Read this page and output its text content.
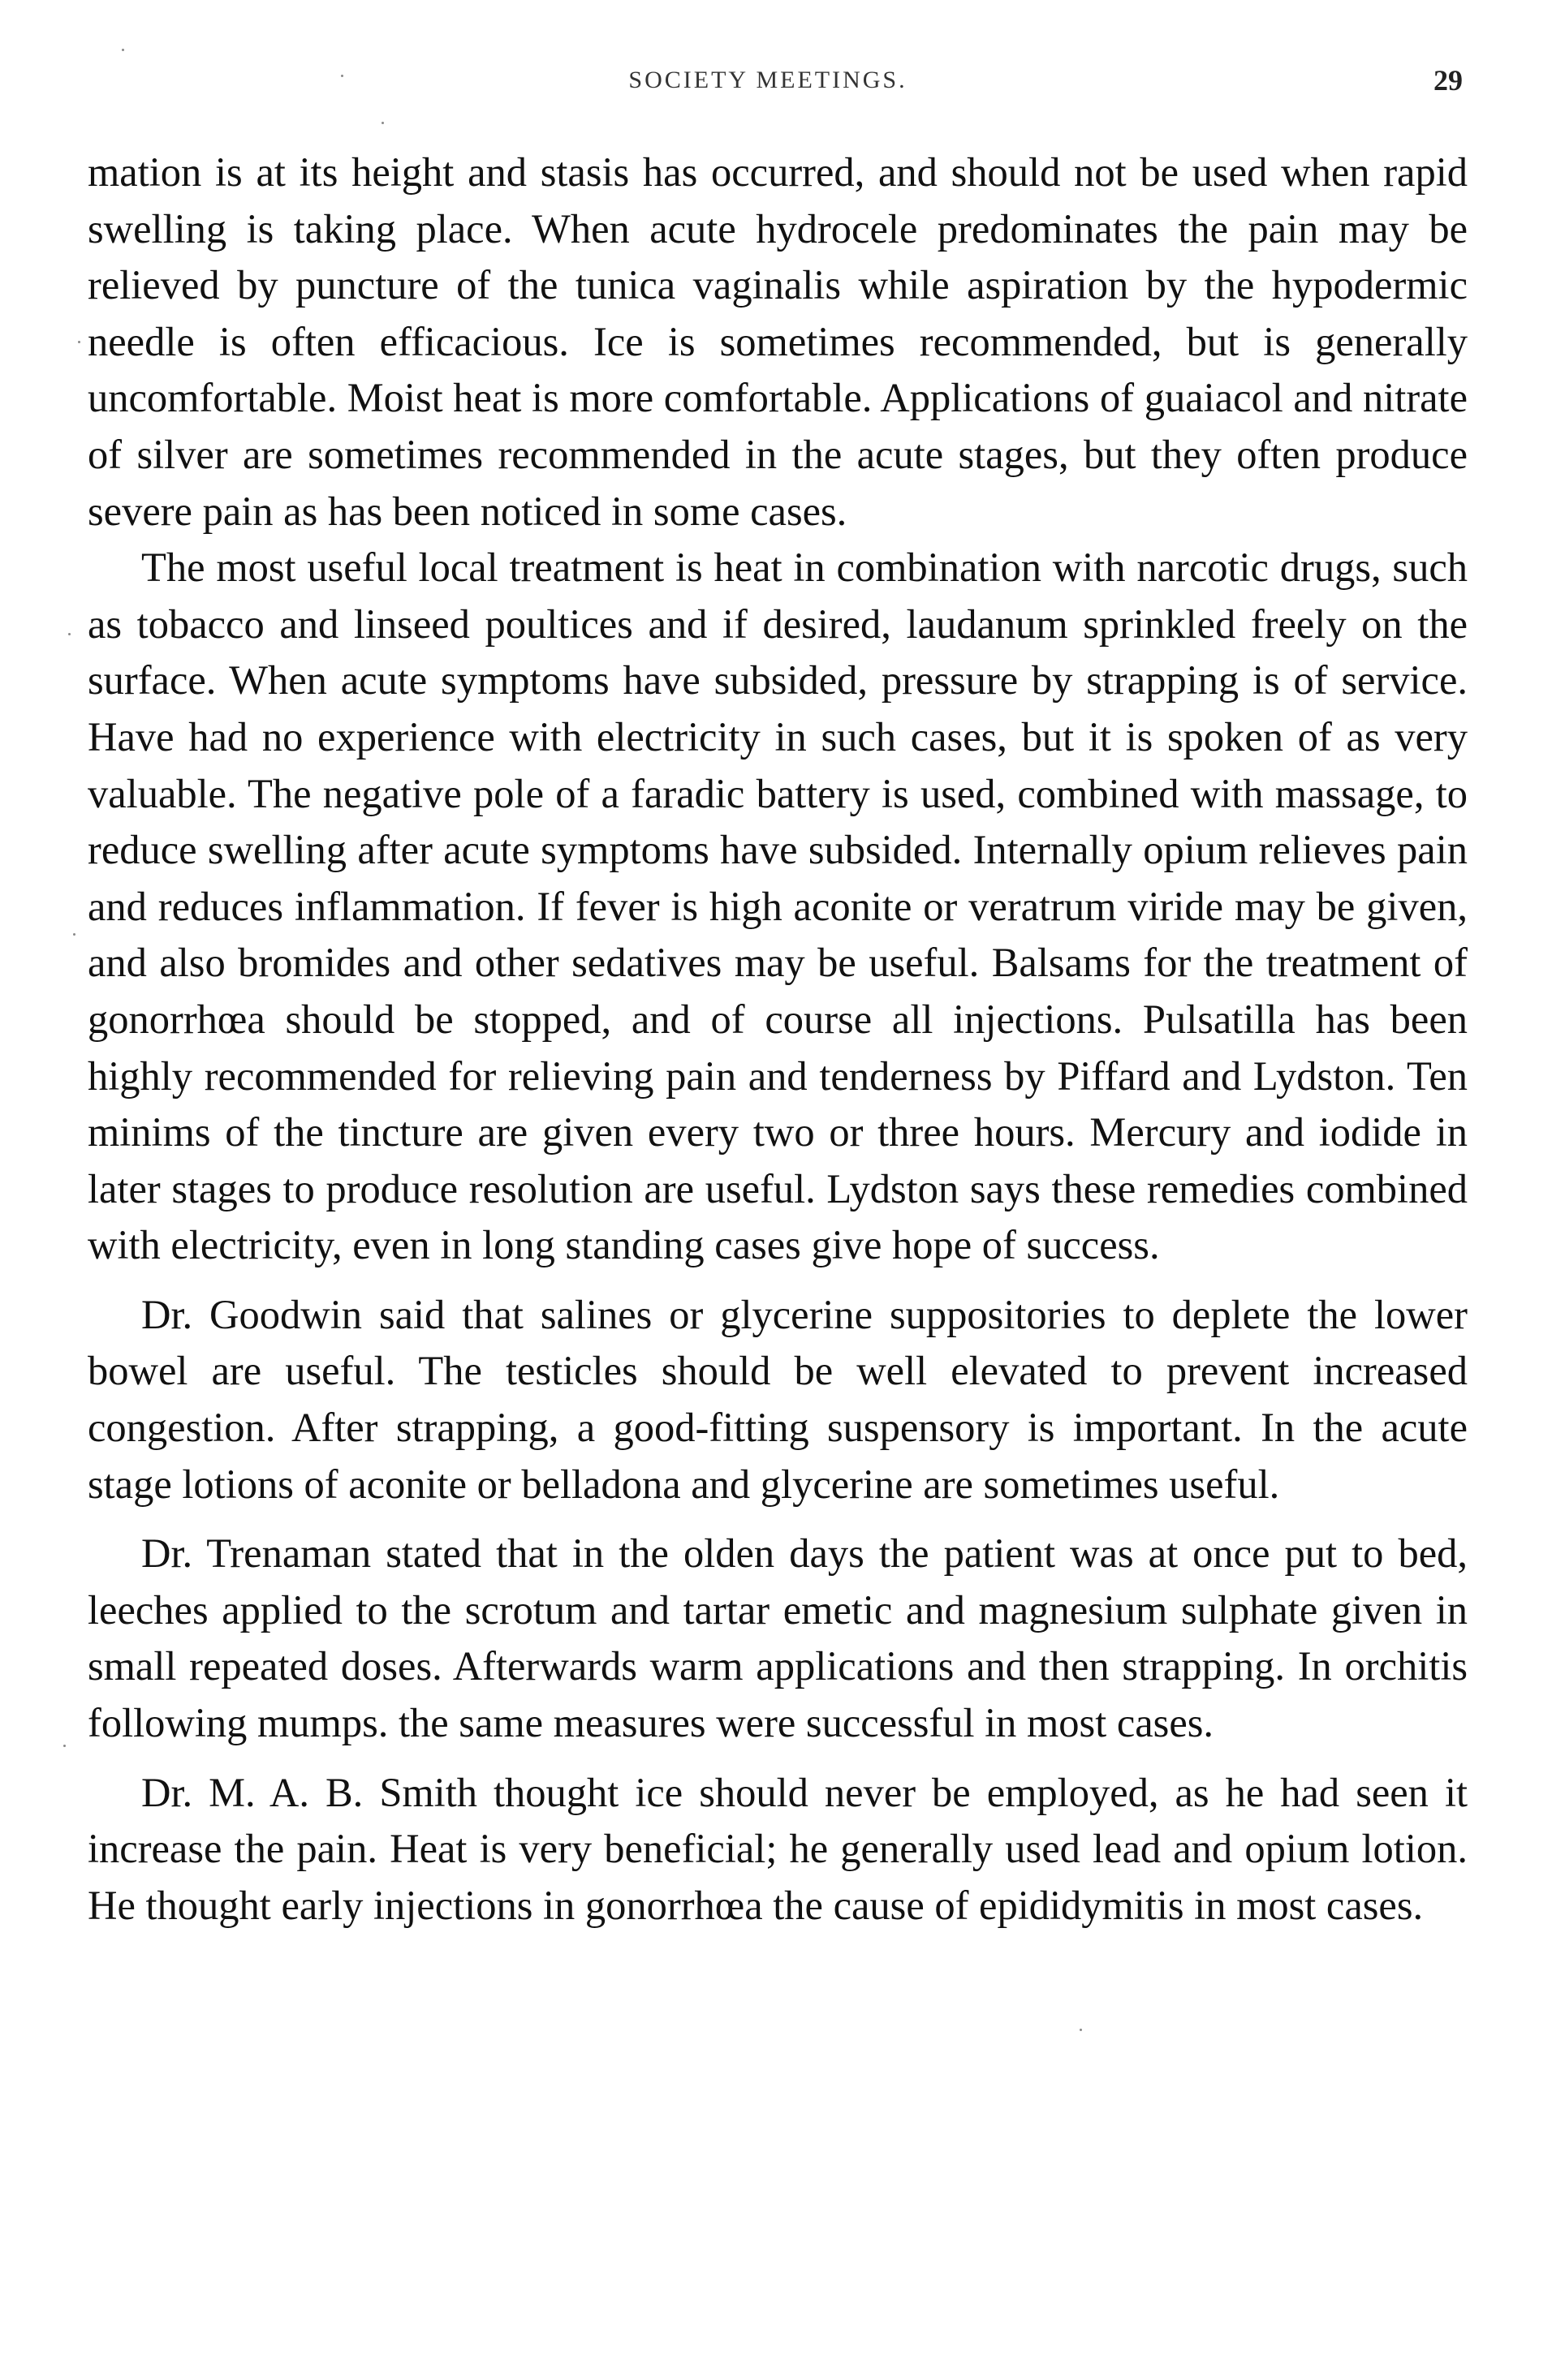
SOCIETY MEETINGS.	29

mation is at its height and stasis has occurred, and should not be used when rapid swelling is taking place. When acute hydrocele predominates the pain may be relieved by puncture of the tunica vaginalis while aspiration by the hypodermic needle is often efficacious. Ice is sometimes recommended, but is generally uncomfortable. Moist heat is more comfortable. Applications of guaiacol and nitrate of silver are sometimes recommended in the acute stages, but they often produce severe pain as has been noticed in some cases.

The most useful local treatment is heat in combination with narcotic drugs, such as tobacco and linseed poultices and if desired, laudanum sprinkled freely on the surface. When acute symptoms have subsided, pressure by strapping is of service. Have had no experience with electricity in such cases, but it is spoken of as very valuable. The negative pole of a faradic battery is used, combined with massage, to reduce swelling after acute symptoms have subsided. Internally opium relieves pain and reduces inflammation. If fever is high aconite or veratrum viride may be given, and also bromides and other sedatives may be useful. Balsams for the treatment of gonorrhœa should be stopped, and of course all injections. Pulsatilla has been highly recommended for relieving pain and tenderness by Piffard and Lydston. Ten minims of the tincture are given every two or three hours. Mercury and iodide in later stages to produce resolution are useful. Lydston says these remedies combined with electricity, even in long standing cases give hope of success.

Dr. Goodwin said that salines or glycerine suppositories to deplete the lower bowel are useful. The testicles should be well elevated to prevent increased congestion. After strapping, a good-fitting suspensory is important. In the acute stage lotions of aconite or belladona and glycerine are sometimes useful.

Dr. Trenaman stated that in the olden days the patient was at once put to bed, leeches applied to the scrotum and tartar emetic and magnesium sulphate given in small repeated doses. Afterwards warm applications and then strapping. In orchitis following mumps. the same measures were successful in most cases.

Dr. M. A. B. Smith thought ice should never be employed, as he had seen it increase the pain. Heat is very beneficial; he generally used lead and opium lotion. He thought early injections in gonorrhœa the cause of epididymitis in most cases.
